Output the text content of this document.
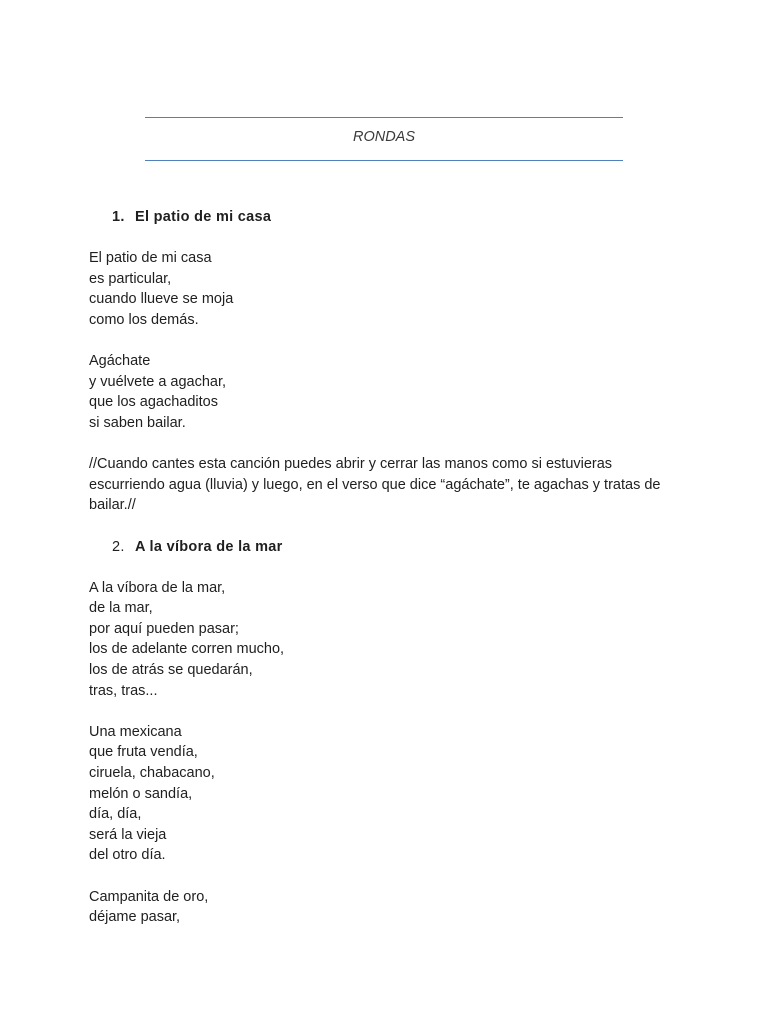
RONDAS
1. El patio de mi casa
El patio de mi casa
es particular,
cuando llueve se moja
como los demás.
Agáchate
y vuélvete a agachar,
que los agachaditos
si saben bailar.
//Cuando cantes esta canción puedes abrir y cerrar las manos como si estuvieras escurriendo agua (lluvia) y luego, en el verso que dice “agáchate”, te agachas y tratas de bailar.//
2. A la víbora de la mar
A la víbora de la mar,
de la mar,
por aquí pueden pasar;
los de adelante corren mucho,
los de atrás se quedarán,
tras, tras...
Una mexicana
que fruta vendía,
ciruela, chabacano,
melón o sandía,
día, día,
será la vieja
del otro día.
Campanita de oro,
déjame pasar,
